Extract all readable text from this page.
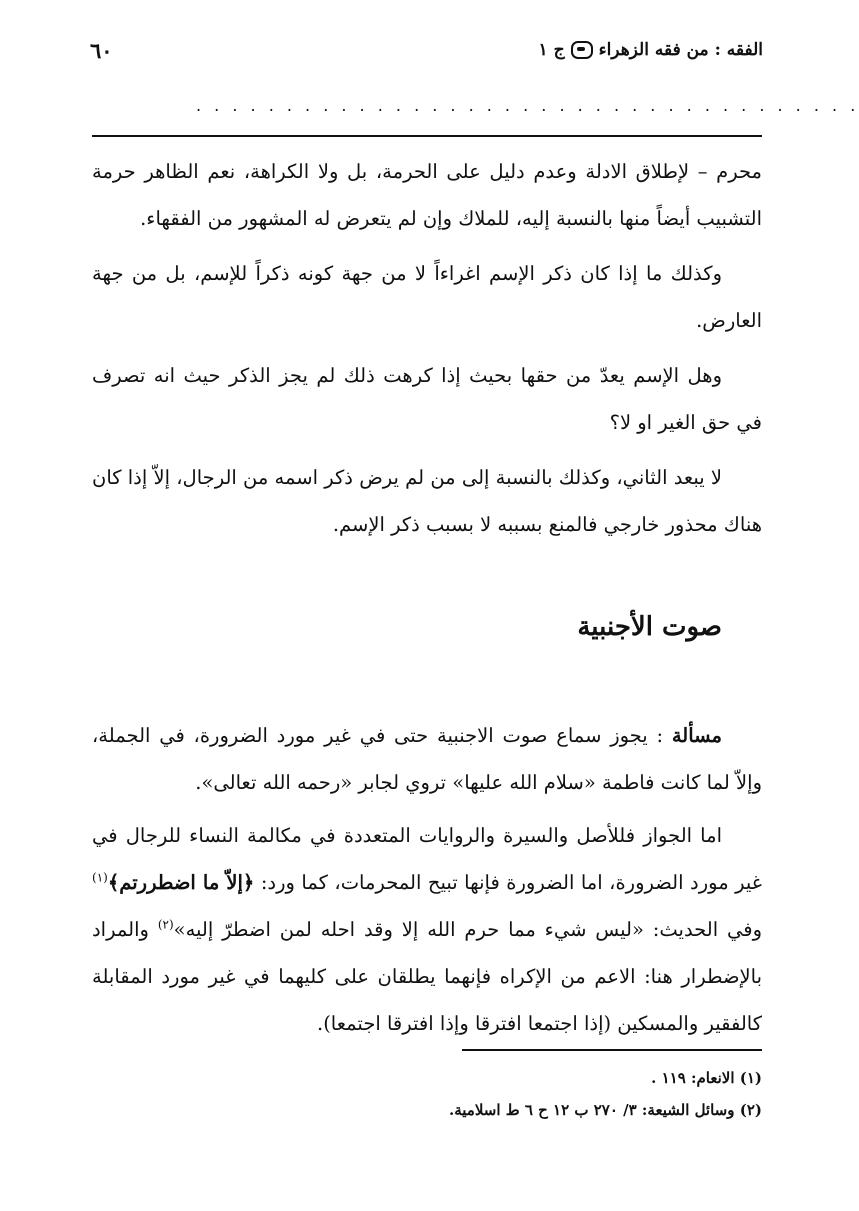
الفقه : من فقه الزهراء
ج ١
٦٠
. . . . . . . . . . . . . . . . . . . . . . . . . . . . . . . . . . . . .

محرم – لإطلاق الادلة وعدم دليل على الحرمة، بل ولا الكراهة، نعم الظاهر حرمة التشبيب أيضاً منها بالنسبة إليه، للملاك وإن لم يتعرض له المشهور من الفقهاء.

وكذلك ما إذا كان ذكر الإسم اغراءاً لا من جهة كونه ذكراً للإسم، بل من جهة العارض.

وهل الإسم يعدّ من حقها بحيث إذا كرهت ذلك لم يجز الذكر حيث انه تصرف في حق الغير او لا؟

لا يبعد الثاني، وكذلك بالنسبة إلى من لم يرض ذكر اسمه من الرجال، إلاّ إذا كان هناك محذور خارجي فالمنع بسببه لا بسبب ذكر الإسم.

صوت الأجنبية

مسألة : يجوز سماع صوت الاجنبية حتى في غير مورد الضرورة، في الجملة، وإلاّ لما كانت فاطمة «سلام الله عليها» تروي لجابر «رحمه الله تعالى».

اما الجواز فللأصل والسيرة والروايات المتعددة في مكالمة النساء للرجال في غير مورد الضرورة، اما الضرورة فإنها تبيح المحرمات، كما ورد: ﴿إلاّ ما اضطررتم﴾$^{(١)}$ وفي الحديث: «ليس شيء مما حرم الله إلا وقد احله لمن اضطرّ إليه»$^{(٢)}$ والمراد بالإضطرار هنا: الاعم من الإكراه فإنهما يطلقان على كليهما في غير مورد المقابلة كالفقير والمسكين (إذا اجتمعا افترقا وإذا افترقا اجتمعا).

(١) الانعام: ١١٩ .
(٢) وسائل الشيعة: ٣/ ٢٧٠ ب ١٢ ح ٦ ط اسلامية.
